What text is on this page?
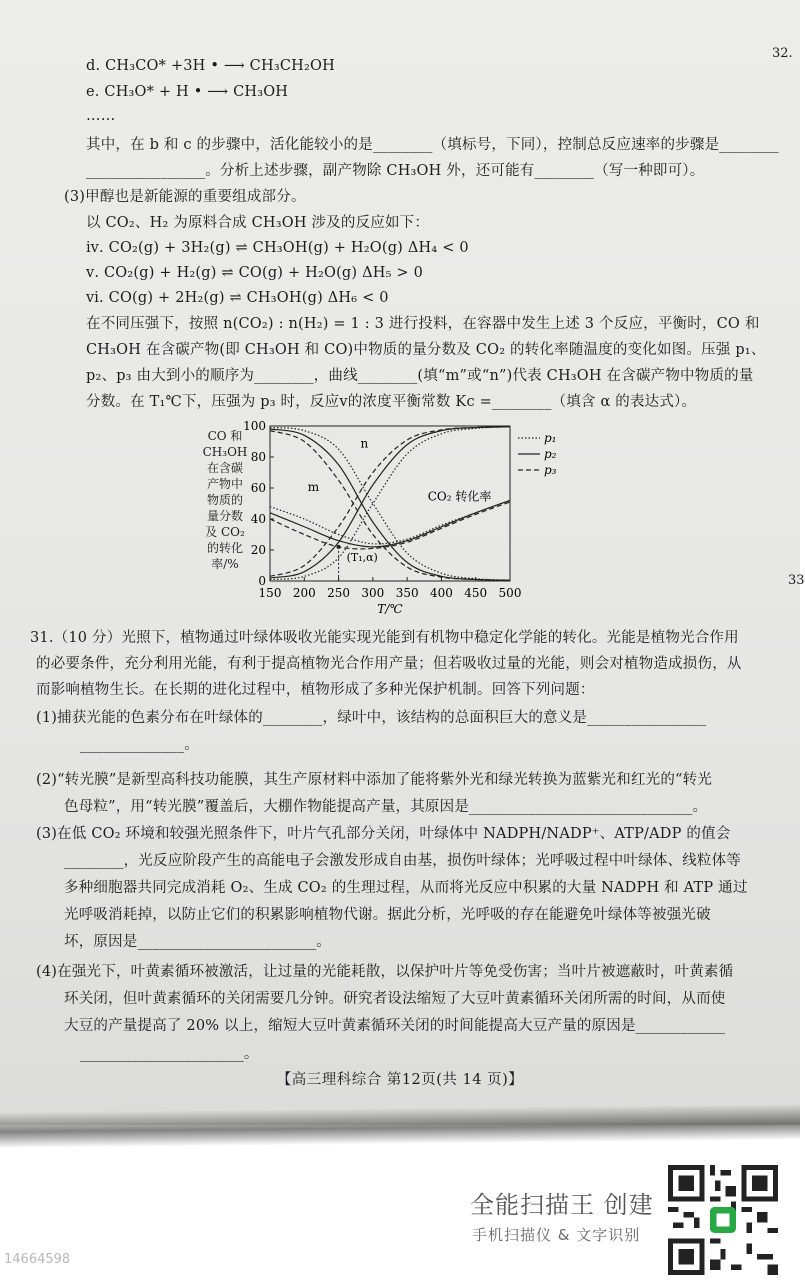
d. CH₃CO* +3H • ⟶ CH₃CH₂OH
e. CH₃O* + H • ⟶ CH₃OH
……
其中，在 b 和 c 的步骤中，活化能较小的是________（填标号，下同），控制总反应速率的步骤是________
________________。分析上述步骤，副产物除 CH₃OH 外，还可能有________（写一种即可）。
(3)甲醇也是新能源的重要组成部分。
以 CO₂、H₂ 为原料合成 CH₃OH 涉及的反应如下：
ⅳ. CO₂(g) + 3H₂(g) ⇌ CH₃OH(g) + H₂O(g) ΔH₄ < 0
ⅴ. CO₂(g) + H₂(g) ⇌ CO(g) + H₂O(g) ΔH₅ > 0
ⅵ. CO(g) + 2H₂(g) ⇌ CH₃OH(g) ΔH₆ < 0
在不同压强下，按照 n(CO₂) : n(H₂) = 1 : 3 进行投料，在容器中发生上述 3 个反应，平衡时，CO 和
CH₃OH 在含碳产物(即 CH₃OH 和 CO)中物质的量分数及 CO₂ 的转化率随温度的变化如图。压强 p₁、
p₂、p₃ 由大到小的顺序为________，曲线________(填“m”或“n”)代表 CH₃OH 在含碳产物中物质的量
分数。在 T₁℃下，压强为 p₃ 时，反应ⅴ的浓度平衡常数 Kc =________（填含 α 的表达式）。
CO 和
CH₃OH
在含碳
产物中
物质的
量分数
及 CO₂
的转化
率/%
0
20
40
60
80
100
150 200 250 300 350 400 450 500
T/℃
m
n
CO₂ 转化率
(T₁,α)
p₁
p₂
p₃
31.（10 分）光照下，植物通过叶绿体吸收光能实现光能到有机物中稳定化学能的转化。光能是植物光合作用
的必要条件，充分利用光能，有利于提高植物光合作用产量；但若吸收过量的光能，则会对植物造成损伤，从
而影响植物生长。在长期的进化过程中，植物形成了多种光保护机制。回答下列问题：
(1)捕获光能的色素分布在叶绿体的________，绿叶中，该结构的总面积巨大的意义是________________
______________。
(2)“转光膜”是新型高科技功能膜，其生产原材料中添加了能将紫外光和绿光转换为蓝紫光和红光的“转光
色母粒”，用“转光膜”覆盖后，大棚作物能提高产量，其原因是______________________________。
(3)在低 CO₂ 环境和较强光照条件下，叶片气孔部分关闭，叶绿体中 NADPH/NADP⁺、ATP/ADP 的值会
________，光反应阶段产生的高能电子会激发形成自由基，损伤叶绿体；光呼吸过程中叶绿体、线粒体等
多种细胞器共同完成消耗 O₂、生成 CO₂ 的生理过程，从而将光反应中积累的大量 NADPH 和 ATP 通过
光呼吸消耗掉，以防止它们的积累影响植物代谢。据此分析，光呼吸的存在能避免叶绿体等被强光破
坏，原因是________________________。
(4)在强光下，叶黄素循环被激活，让过量的光能耗散，以保护叶片等免受伤害；当叶片被遮蔽时，叶黄素循
环关闭，但叶黄素循环的关闭需要几分钟。研究者设法缩短了大豆叶黄素循环关闭所需的时间，从而使
大豆的产量提高了 20% 以上，缩短大豆叶黄素循环关闭的时间能提高大豆产量的原因是____________
______________________。
32.
33
【高三理科综合 第12页(共 14 页)】
全能扫描王 创建
手机扫描仪 & 文字识别
14664598
